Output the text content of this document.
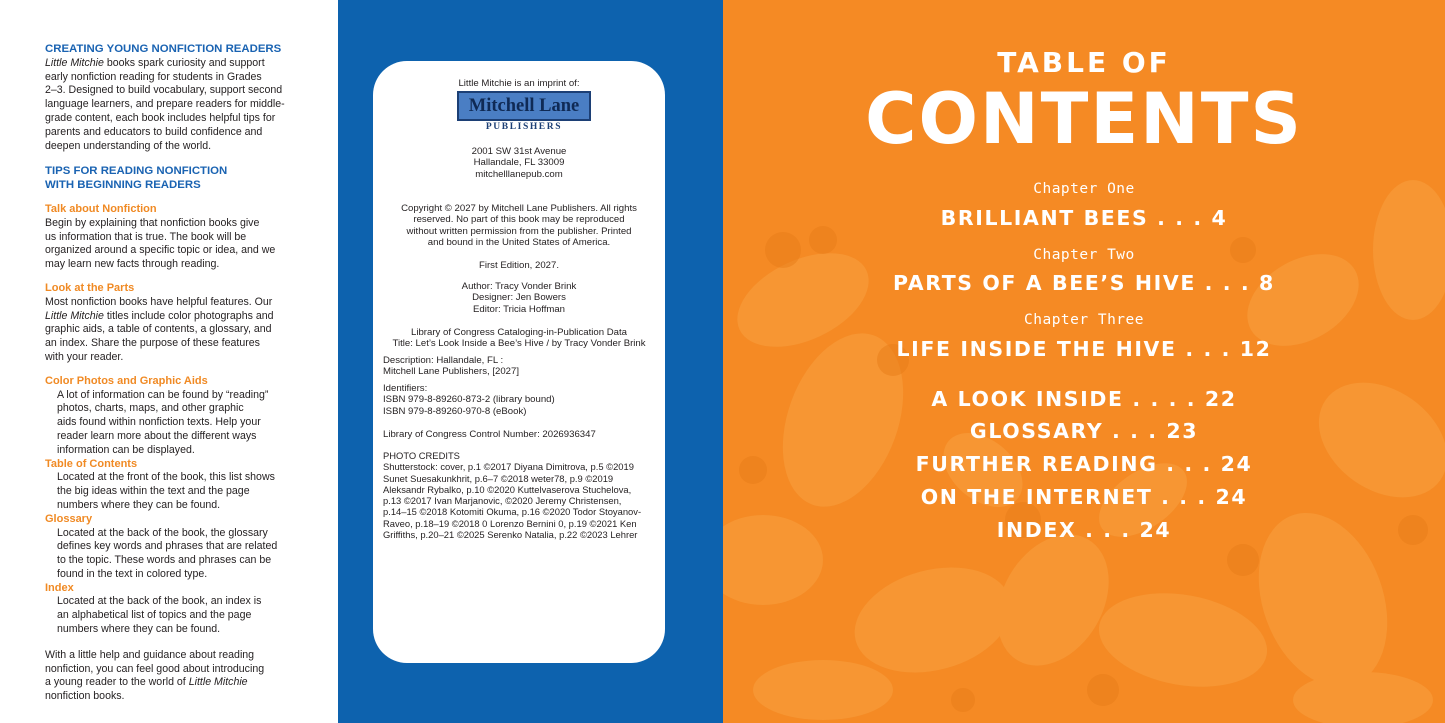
CREATING YOUNG NONFICTION READERS
Little Mitchie books spark curiosity and support
early nonfiction reading for students in Grades
2–3. Designed to build vocabulary, support second
language learners, and prepare readers for middle-
grade content, each book includes helpful tips for
parents and educators to build confidence and
deepen understanding of the world.
TIPS FOR READING NONFICTION
WITH BEGINNING READERS
Talk about Nonfiction
Begin by explaining that nonfiction books give
us information that is true. The book will be
organized around a specific topic or idea, and we
may learn new facts through reading.
Look at the Parts
Most nonfiction books have helpful features. Our
Little Mitchie titles include color photographs and
graphic aids, a table of contents, a glossary, and
an index. Share the purpose of these features
with your reader.
Color Photos and Graphic Aids
A lot of information can be found by “reading”
photos, charts, maps, and other graphic
aids found within nonfiction texts. Help your
reader learn more about the different ways
information can be displayed.
Table of Contents
Located at the front of the book, this list shows
the big ideas within the text and the page
numbers where they can be found.
Glossary
Located at the back of the book, the glossary
defines key words and phrases that are related
to the topic. These words and phrases can be
found in the text in colored type.
Index
Located at the back of the book, an index is
an alphabetical list of topics and the page
numbers where they can be found.
With a little help and guidance about reading
nonfiction, you can feel good about introducing
a young reader to the world of Little Mitchie
nonfiction books.
Little Mitchie is an imprint of:
Mitchell Lane
PUBLISHERS
2001 SW 31st Avenue
Hallandale, FL 33009
mitchelllanepub.com
Copyright © 2027 by Mitchell Lane Publishers. All rights
reserved. No part of this book may be reproduced
without written permission from the publisher. Printed
and bound in the United States of America.
First Edition, 2027.
Author: Tracy Vonder Brink
Designer: Jen Bowers
Editor: Tricia Hoffman
Library of Congress Cataloging-in-Publication Data
Title: Let’s Look Inside a Bee’s Hive / by Tracy Vonder Brink
Description: Hallandale, FL :
Mitchell Lane Publishers, [2027]
Identifiers:
ISBN 979-8-89260-873-2 (library bound)
ISBN 979-8-89260-970-8 (eBook)
Library of Congress Control Number: 2026936347
PHOTO CREDITS
Shutterstock: cover, p.1 ©2017 Diyana Dimitrova, p.5 ©2019
Sunet Suesakunkhrit, p.6–7 ©2018 weter78, p.9 ©2019
Aleksandr Rybalko, p.10 ©2020 Kuttelvaserova Stuchelova,
p.13 ©2017 Ivan Marjanovic, ©2020 Jeremy Christensen,
p.14–15 ©2018 Kotomiti Okuma, p.16 ©2020 Todor Stoyanov-
Raveo, p.18–19 ©2018 0 Lorenzo Bernini 0, p.19 ©2021 Ken
Griffiths, p.20–21 ©2025 Serenko Natalia, p.22 ©2023 Lehrer
TABLE OF
CONTENTS
Chapter One
BRILLIANT BEES . . . 4
Chapter Two
PARTS OF A BEE’S HIVE . . . 8
Chapter Three
LIFE INSIDE THE HIVE . . . 12
A LOOK INSIDE . . . . 22
GLOSSARY . . . 23
FURTHER READING . . . 24
ON THE INTERNET . . . 24
INDEX . . . 24
